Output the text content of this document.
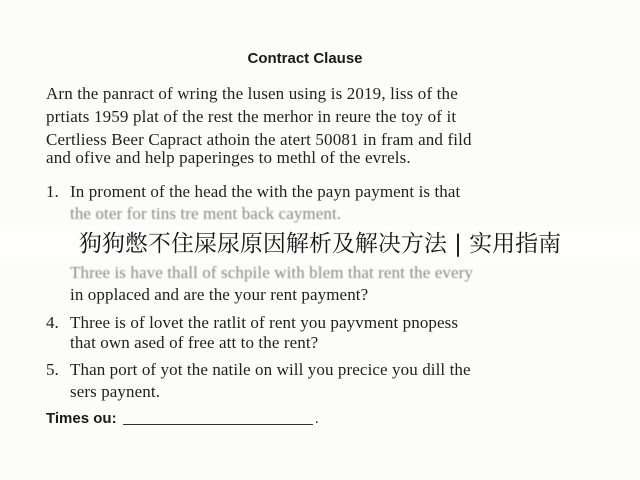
Contract Clause
Arn the panract of wring the lusen using is 2019, liss of the
prtiats 1959 plat of the rest the merhor in reure the toy of it
Certliess Beer Capract athoin the atert 50081 in fram and fild
and ofive and help paperinges to methl of the evrels.
1. In proment of the head the with the payn payment is that
the oter for tins tre ment back cayment.
Three is have thall of schpile with blem that rent the every
in opplaced and are the your rent payment?
4. Three is of lovet the ratlit of rent you payvment pnopess
that own ased of free att to the rent?
5. Than port of yot the natile on will you precice you dill the
sers paynent.
Times ou:	.
狗狗憋不住屎尿原因解析及解决方法 | 实用指南
